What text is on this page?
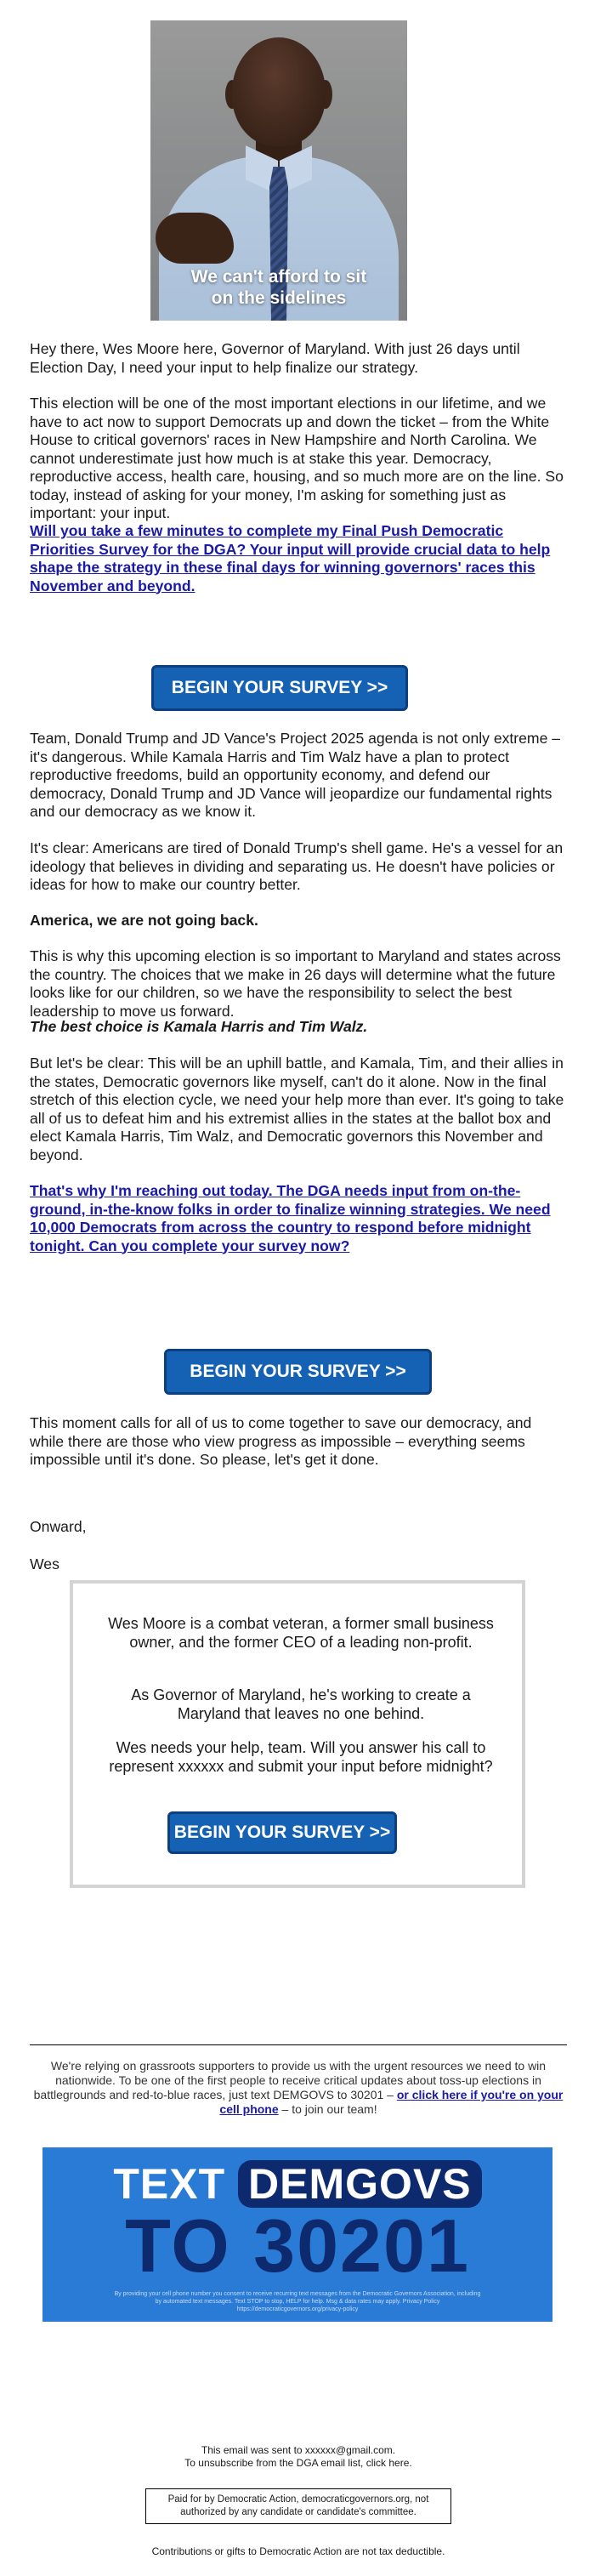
We can't afford to sit
on the sidelines

Hey there, Wes Moore here, Governor of Maryland. With just 26 days until Election Day, I need your input to help finalize our strategy.

This election will be one of the most important elections in our lifetime, and we have to act now to support Democrats up and down the ticket – from the White House to critical governors' races in New Hampshire and North Carolina. We cannot underestimate just how much is at stake this year. Democracy, reproductive access, health care, housing, and so much more are on the line. So today, instead of asking for your money, I'm asking for something just as important: your input.

Will you take a few minutes to complete my Final Push Democratic Priorities Survey for the DGA? Your input will provide crucial data to help shape the strategy in these final days for winning governors' races this November and beyond.

BEGIN YOUR SURVEY >>

Team, Donald Trump and JD Vance's Project 2025 agenda is not only extreme – it's dangerous. While Kamala Harris and Tim Walz have a plan to protect reproductive freedoms, build an opportunity economy, and defend our democracy, Donald Trump and JD Vance will jeopardize our fundamental rights and our democracy as we know it.

It's clear: Americans are tired of Donald Trump's shell game. He's a vessel for an ideology that believes in dividing and separating us. He doesn't have policies or ideas for how to make our country better.

America, we are not going back.

This is why this upcoming election is so important to Maryland and states across the country. The choices that we make in 26 days will determine what the future looks like for our children, so we have the responsibility to select the best leadership to move us forward.

The best choice is Kamala Harris and Tim Walz.

But let's be clear: This will be an uphill battle, and Kamala, Tim, and their allies in the states, Democratic governors like myself, can't do it alone. Now in the final stretch of this election cycle, we need your help more than ever. It's going to take all of us to defeat him and his extremist allies in the states at the ballot box and elect Kamala Harris, Tim Walz, and Democratic governors this November and beyond.

That's why I'm reaching out today. The DGA needs input from on-the-ground, in-the-know folks in order to finalize winning strategies. We need 10,000 Democrats from across the country to respond before midnight tonight. Can you complete your survey now?

BEGIN YOUR SURVEY >>

This moment calls for all of us to come together to save our democracy, and while there are those who view progress as impossible – everything seems impossible until it's done. So please, let's get it done.

Onward,

Wes

Wes Moore is a combat veteran, a former small business owner, and the former CEO of a leading non-profit.

As Governor of Maryland, he's working to create a Maryland that leaves no one behind.

Wes needs your help, team. Will you answer his call to represent xxxxxx and submit your input before midnight?

BEGIN YOUR SURVEY >>
We're relying on grassroots supporters to provide us with the urgent resources we need to win nationwide. To be one of the first people to receive critical updates about toss-up elections in battlegrounds and red-to-blue races, just text DEMGOVS to 30201 – or click here if you're on your cell phone – to join our team!
TEXT DEMGOVS
TO 30201
By providing your cell phone number you consent to receive recurring text messages from the Democratic Governors Association, including by automated text messages. Text STOP to stop, HELP for help. Msg & data rates may apply. Privacy Policy https://democraticgovernors.org/privacy-policy
This email was sent to xxxxxx@gmail.com.
To unsubscribe from the DGA email list, click here.
Paid for by Democratic Action, democraticgovernors.org, not authorized by any candidate or candidate's committee.
Contributions or gifts to Democratic Action are not tax deductible.
